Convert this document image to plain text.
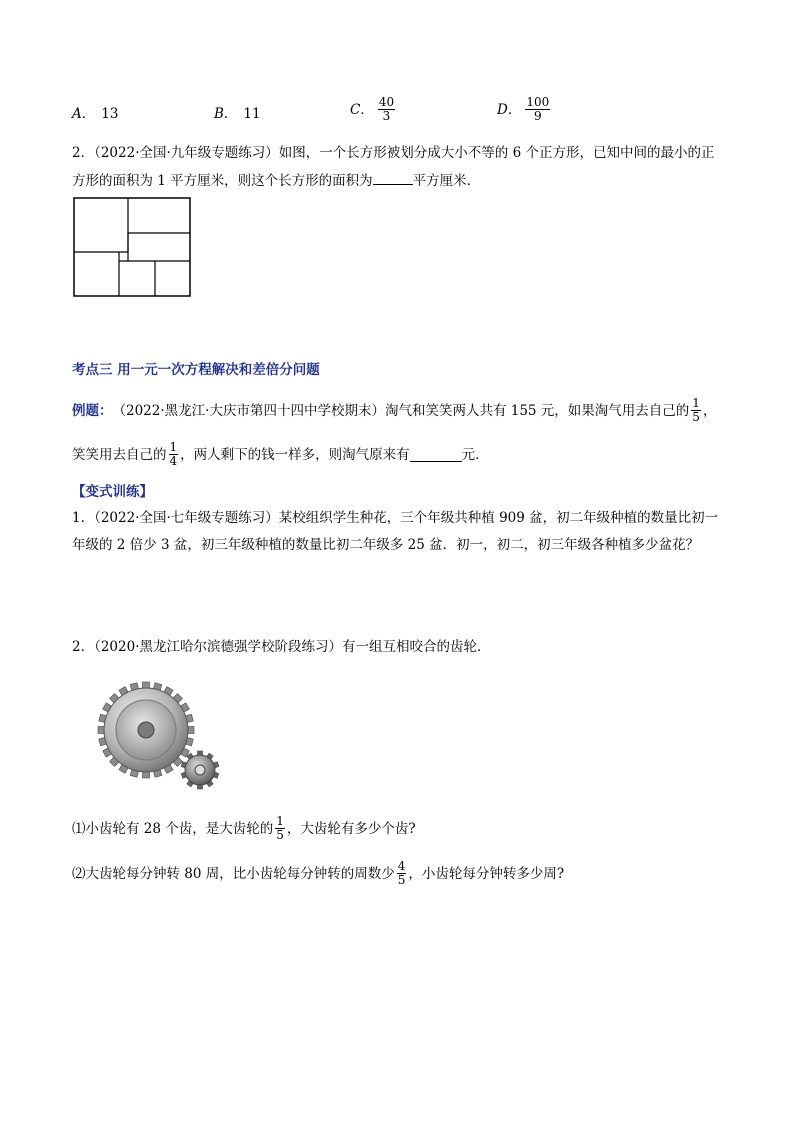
A． 13	B． 11	C ． $\frac{40}{3}$	D ． $\frac{100}{9}$
2．（2022·全国·九年级专题练习）如图，一个长方形被划分成大小不等的 6 个正方形，已知中间的最小的正
方形的面积为 1 平方厘米，则这个长方形的面积为	平方厘米．
考点三 用一元一次方程解决和差倍分问题
例题： （2022·黑龙江·大庆市第四十四中学校期末）淘气和笑笑两人共有 155 元，如果淘气用去自己的 $\frac{1}{5}$ ，
笑笑用去自己的 $\frac{1}{4}$ ，两人剩下的钱一样多，则淘气原来有	元．
【变式训练】
1．（2022·全国·七年级专题练习）某校组织学生种花，三个年级共种植 909 盆，初二年级种植的数量比初一
年级的 2 倍少 3 盆，初三年级种植的数量比初二年级多 25 盆．初一，初二，初三年级各种植多少盆花？
2．（2020·黑龙江哈尔滨德强学校阶段练习）有一组互相咬合的齿轮．
⑴小齿轮有 28 个齿，是大齿轮的 $\frac{1}{5}$ ，大齿轮有多少个齿?
⑵大齿轮每分钟转 80 周，比小齿轮每分钟转的周数少 $\frac{4}{5}$ ，小齿轮每分钟转多少周?
